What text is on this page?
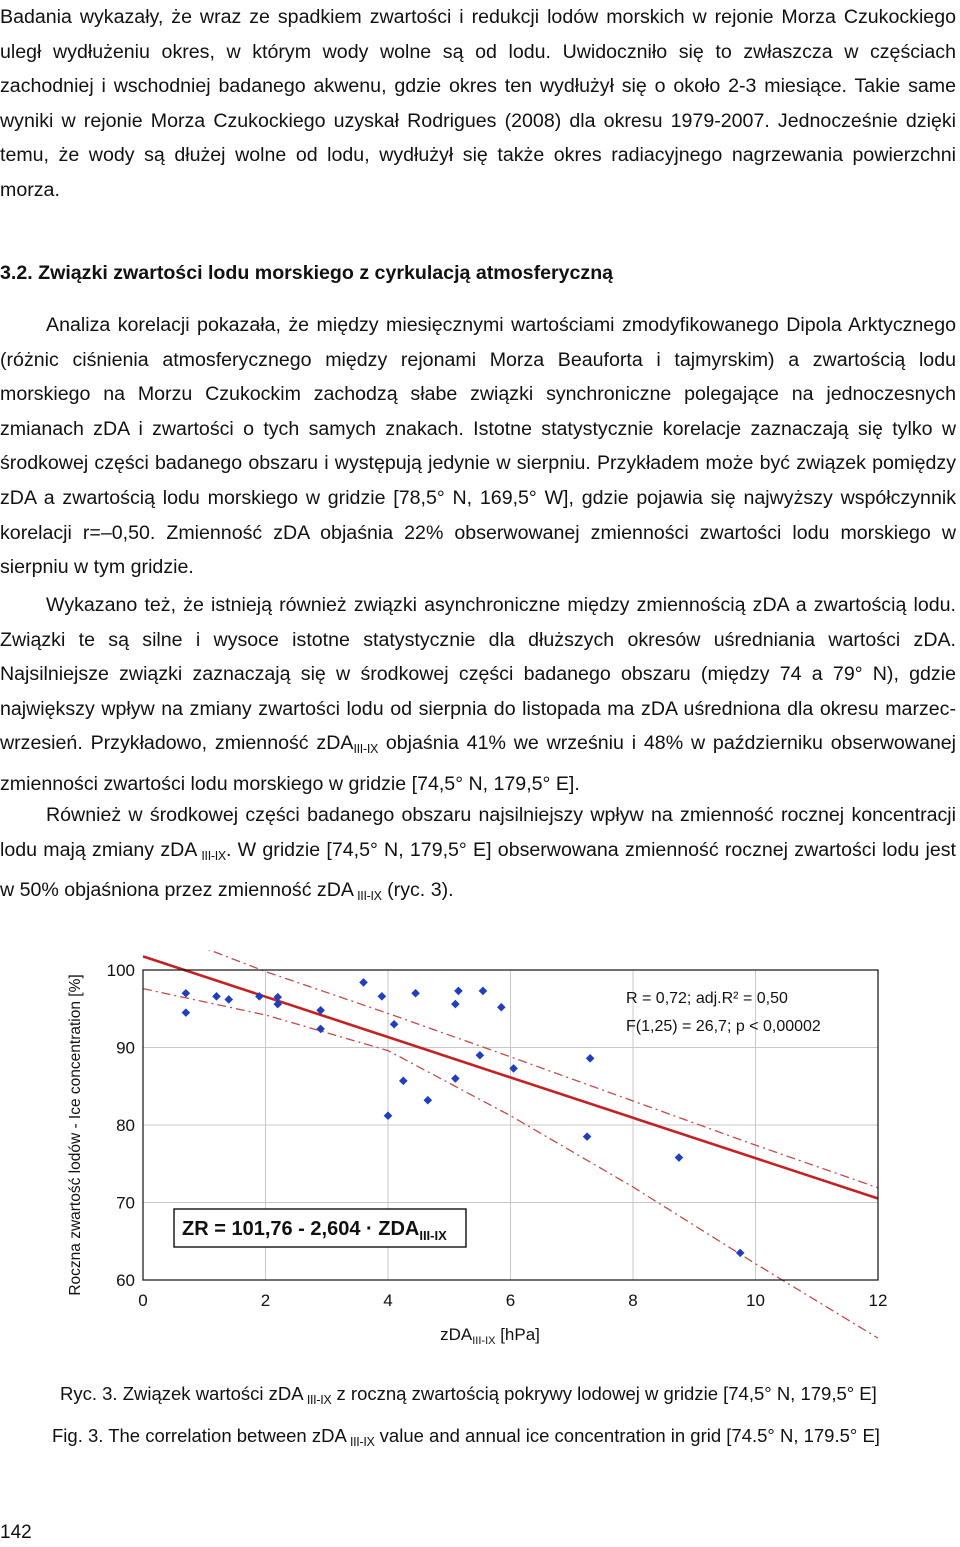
Badania wykazały, że wraz ze spadkiem zwartości i redukcji lodów morskich w rejonie Morza Czukockiego uległ wydłużeniu okres, w którym wody wolne są od lodu. Uwidoczniło się to zwłaszcza w częściach zachodniej i wschodniej badanego akwenu, gdzie okres ten wydłużył się o około 2-3 miesiące. Takie same wyniki w rejonie Morza Czukockiego uzyskał Rodrigues (2008) dla okresu 1979-2007. Jednocześnie dzięki temu, że wody są dłużej wolne od lodu, wydłużył się także okres radiacyjnego nagrzewania powierzchni morza.

3.2. Związki zwartości lodu morskiego z cyrkulacją atmosferyczną

Analiza korelacji pokazała, że między miesięcznymi wartościami zmodyfikowanego Dipola Arktycznego (różnic ciśnienia atmosferycznego między rejonami Morza Beauforta i tajmyrskim) a zwartością lodu morskiego na Morzu Czukockim zachodzą słabe związki synchroniczne polegające na jednoczesnych zmianach zDA i zwartości o tych samych znakach. Istotne statystycznie korelacje zaznaczają się tylko w środkowej części badanego obszaru i występują jedynie w sierpniu. Przykładem może być związek pomiędzy zDA a zwartością lodu morskiego w gridzie [78,5° N, 169,5° W], gdzie pojawia się najwyższy współczynnik korelacji r=–0,50. Zmienność zDA objaśnia 22% obserwowanej zmienności zwartości lodu morskiego w sierpniu w tym gridzie.

Wykazano też, że istnieją również związki asynchroniczne między zmiennością zDA a zwartością lodu. Związki te są silne i wysoce istotne statystycznie dla dłuższych okresów uśredniania wartości zDA. Najsilniejsze związki zaznaczają się w środkowej części badanego obszaru (między 74 a 79° N), gdzie największy wpływ na zmiany zwartości lodu od sierpnia do listopada ma zDA uśredniona dla okresu marzec-wrzesień. Przykładowo, zmienność zDA$_{III-IX}$ objaśnia 41% we wrześniu i 48% w październiku obserwowanej zmienności zwartości lodu morskiego w gridzie [74,5° N, 179,5° E].

Również w środkowej części badanego obszaru najsilniejszy wpływ na zmienność rocznej koncentracji lodu mają zmiany zDA $_{III-IX}$. W gridzie [74,5° N, 179,5° E] obserwowana zmienność rocznej zwartości lodu jest w 50% objaśniona przez zmienność zDA $_{III-IX}$ (ryc. 3).

0	2	4	6	8	10	12
60
70
80
90
100
Roczna zwartość lodów - Ice concentration [%]
zDA$_{III-IX}$ [hPa]
R = 0,72; adj.R² = 0,50
F(1,25) = 26,7; p < 0,00002
ZR = $101,76 - 2,604 \cdot ZDA_{III-IX}$

Ryc. 3. Związek wartości zDA $_{III-IX}$ z roczną zwartością pokrywy lodowej w gridzie [74,5° N, 179,5° E]

Fig. 3. The correlation between zDA $_{III-IX}$ value and annual ice concentration in grid [74.5° N, 179.5° E]

142
